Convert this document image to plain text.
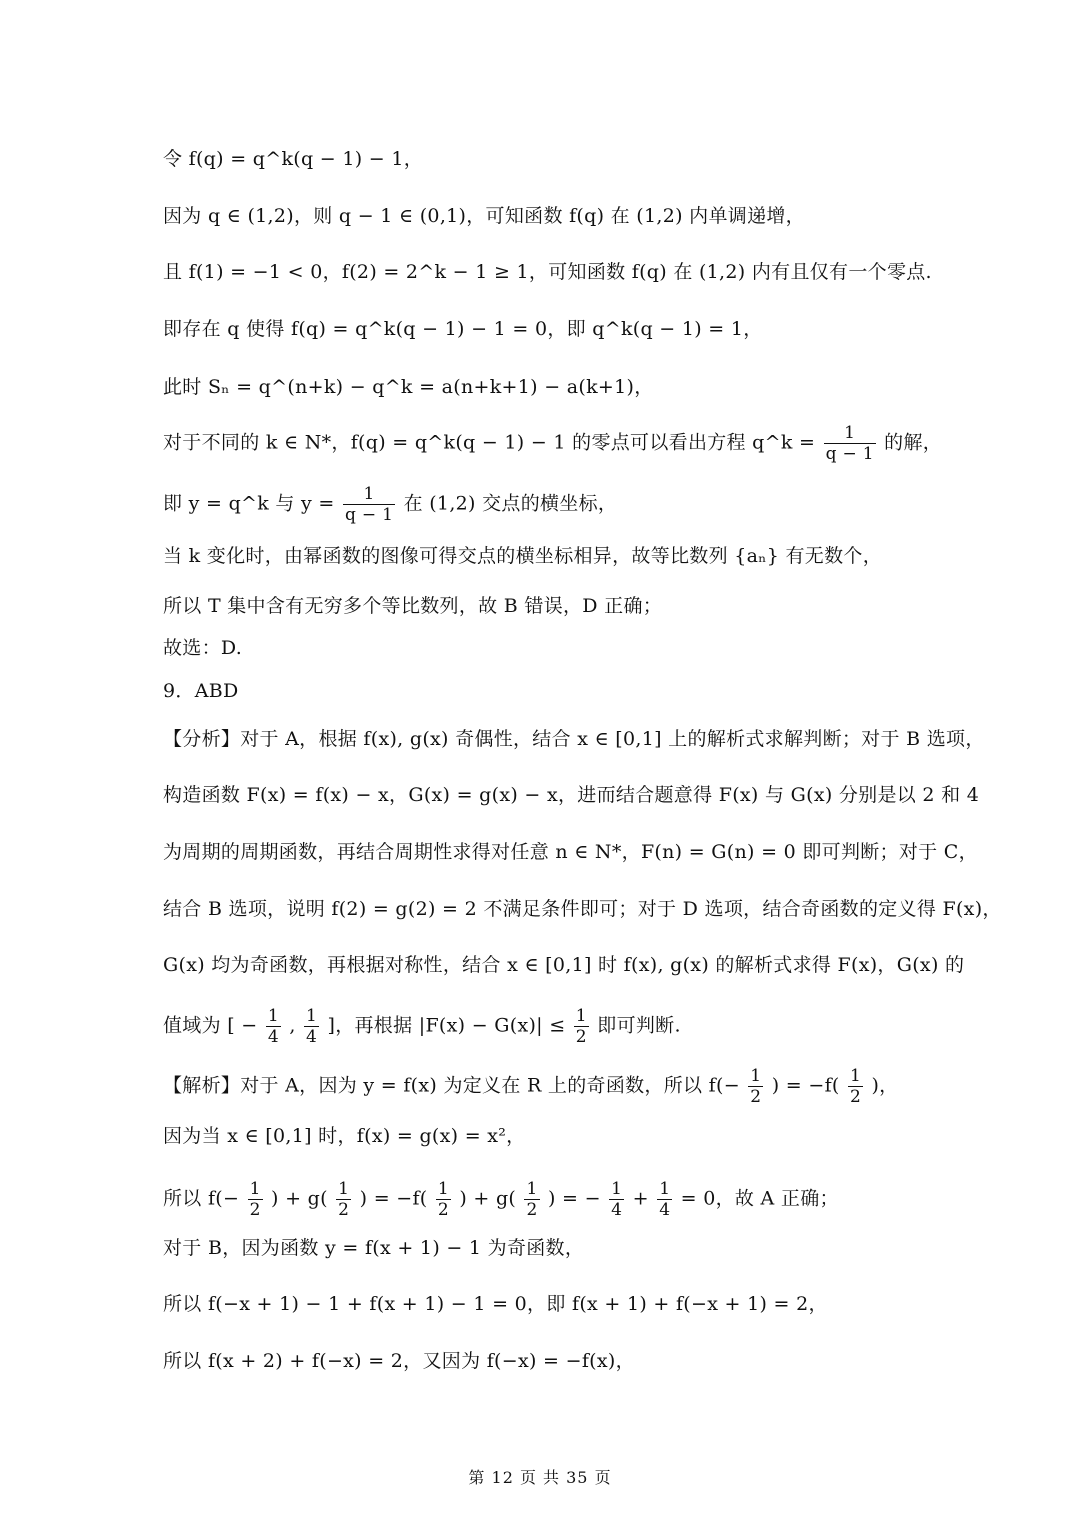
令 f(q) = q^k(q − 1) − 1，
因为 q ∈ (1,2)，则 q − 1 ∈ (0,1)，可知函数 f(q) 在 (1,2) 内单调递增，
且 f(1) = −1 < 0，f(2) = 2^k − 1 ≥ 1，可知函数 f(q) 在 (1,2) 内有且仅有一个零点.
即存在 q 使得 f(q) = q^k(q − 1) − 1 = 0，即 q^k(q − 1) = 1，
此时 Sₙ = q^(n+k) − q^k = a(n+k+1) − a(k+1)，
对于不同的 k ∈ N*，f(q) = q^k(q − 1) − 1 的零点可以看出方程 q^k = $\frac{1}{q - 1}$ 的解，
即 y = q^k 与 $y = \frac{1}{q - 1}$ 在 (1,2) 交点的横坐标，
当 k 变化时，由幂函数的图像可得交点的横坐标相异，故等比数列 {aₙ} 有无数个，
所以 T 集中含有无穷多个等比数列，故 B 错误，D 正确；
故选：D.
9．ABD
【分析】对于 A，根据 f(x), g(x) 奇偶性，结合 x ∈ [0,1] 上的解析式求解判断；对于 B 选项，
构造函数 F(x) = f(x) − x，G(x) = g(x) − x，进而结合题意得 F(x) 与 G(x) 分别是以 2 和 4
为周期的周期函数，再结合周期性求得对任意 n ∈ N*，F(n) = G(n) = 0 即可判断；对于 C，
结合 B 选项，说明 f(2) = g(2) = 2 不满足条件即可；对于 D 选项，结合奇函数的定义得 F(x)，
G(x) 均为奇函数，再根据对称性，结合 x ∈ [0,1] 时 f(x), g(x) 的解析式求得 F(x)，G(x) 的
值域为 [ − $\frac{1}{4}$ , $\frac{1}{4}$ ]，再根据 $|F(x) - G(x)| \le \frac{1}{2}$ 即可判断.
【解析】对于 A，因为 y = f(x) 为定义在 R 上的奇函数，所以 $f(- \frac{1}{2}$ ) = $-f( \frac{1}{2}$ )，
因为当 x ∈ [0,1] 时，f(x) = g(x) = x²，
所以 $f(- \frac{1}{2}$ ) + $g( \frac{1}{2}$ ) = $-f( \frac{1}{2}$ ) + $g( \frac{1}{2}$ ) = − $\frac{1}{4} + \frac{1}{4} = 0$，故 A 正确；
对于 B，因为函数 y = f(x + 1) − 1 为奇函数，
所以 f(−x + 1) − 1 + f(x + 1) − 1 = 0，即 f(x + 1) + f(−x + 1) = 2，
所以 f(x + 2) + f(−x) = 2，又因为 f(−x) = −f(x)，
第 12 页 共 35 页
